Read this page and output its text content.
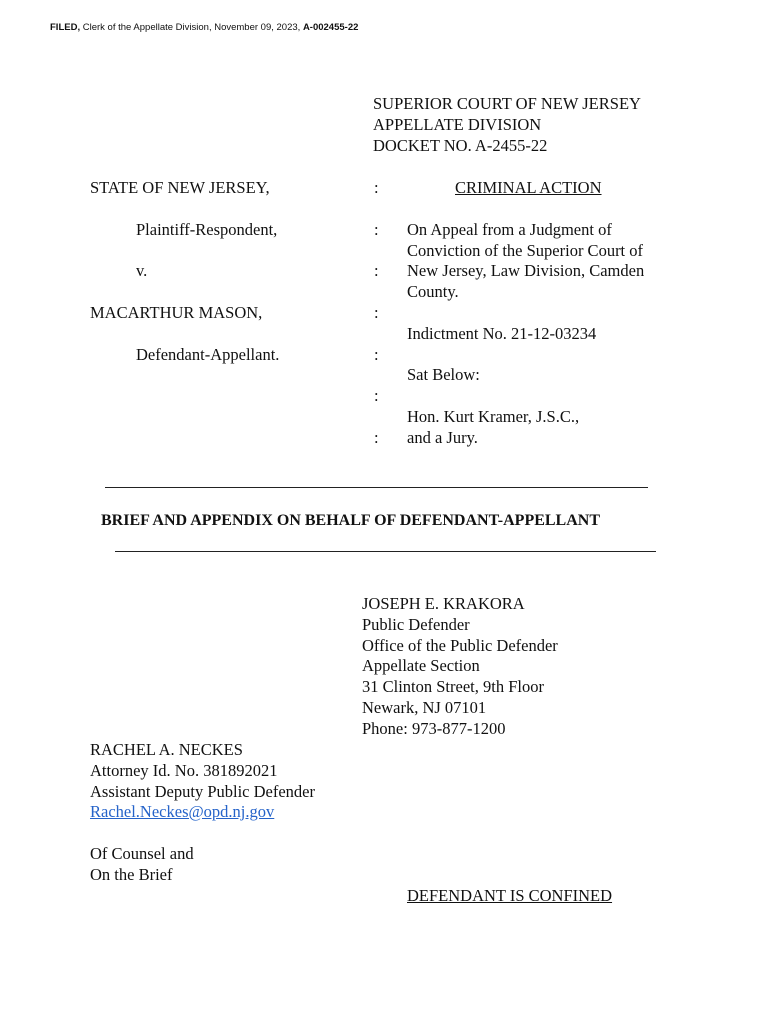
FILED, Clerk of the Appellate Division, November 09, 2023, A-002455-22
SUPERIOR COURT OF NEW JERSEY
APPELLATE DIVISION
DOCKET NO. A-2455-22
STATE OF NEW JERSEY,
Plaintiff-Respondent,
v.
MACARTHUR MASON,
Defendant-Appellant.
:
:
:
:
:
:
:
CRIMINAL ACTION
On Appeal from a Judgment of
Conviction of the Superior Court of
New Jersey, Law Division, Camden
County.
Indictment No. 21-12-03234
Sat Below:
Hon. Kurt Kramer, J.S.C.,
and a Jury.
BRIEF AND APPENDIX ON BEHALF OF DEFENDANT-APPELLANT
JOSEPH E. KRAKORA
Public Defender
Office of the Public Defender
Appellate Section
31 Clinton Street, 9th Floor
Newark, NJ 07101
Phone: 973-877-1200
RACHEL A. NECKES
Attorney Id. No. 381892021
Assistant Deputy Public Defender
Rachel.Neckes@opd.nj.gov
Of Counsel and
On the Brief
DEFENDANT IS CONFINED
